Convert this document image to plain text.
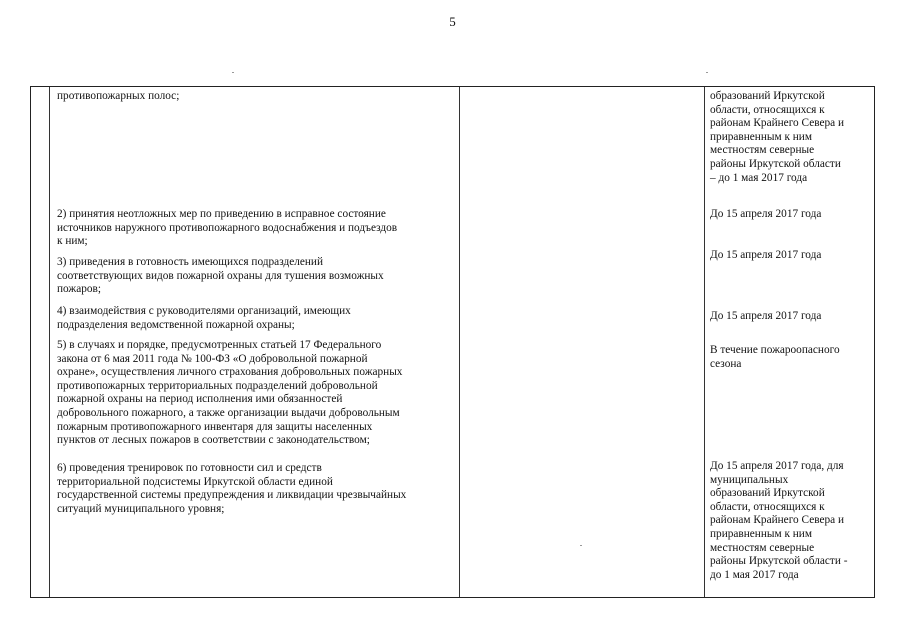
5
противопожарных полос;	образований Иркутской
области, относящихся к
районам Крайнего Севера и
приравненным к ним
местностям северные
районы Иркутской области
– до 1 мая 2017 года
2) принятия неотложных мер по приведению в исправное состояние
источников наружного противопожарного водоснабжения и подъездов
к ним;
До 15 апреля 2017 года
3) приведения в готовность имеющихся подразделений
соответствующих видов пожарной охраны для тушения возможных
пожаров;
До 15 апреля 2017 года
4) взаимодействия с руководителями организаций, имеющих
подразделения ведомственной пожарной охраны;
До 15 апреля 2017 года
5) в случаях и порядке, предусмотренных статьей 17 Федерального
закона от 6 мая 2011 года № 100-ФЗ «О добровольной пожарной
охране», осуществления личного страхования добровольных пожарных
противопожарных территориальных подразделений добровольной
пожарной охраны на период исполнения ими обязанностей
добровольного пожарного, а также организации выдачи добровольным
пожарным противопожарного инвентаря для защиты населенных
пунктов от лесных пожаров в соответствии с законодательством;
В течение пожароопасного
сезона
6) проведения тренировок по готовности сил и средств
территориальной подсистемы Иркутской области единой
государственной системы предупреждения и ликвидации чрезвычайных
ситуаций муниципального уровня;
До 15 апреля 2017 года, для
муниципальных
образований Иркутской
области, относящихся к
районам Крайнего Севера и
приравненным к ним
местностям северные
районы Иркутской области -
до 1 мая 2017 года
